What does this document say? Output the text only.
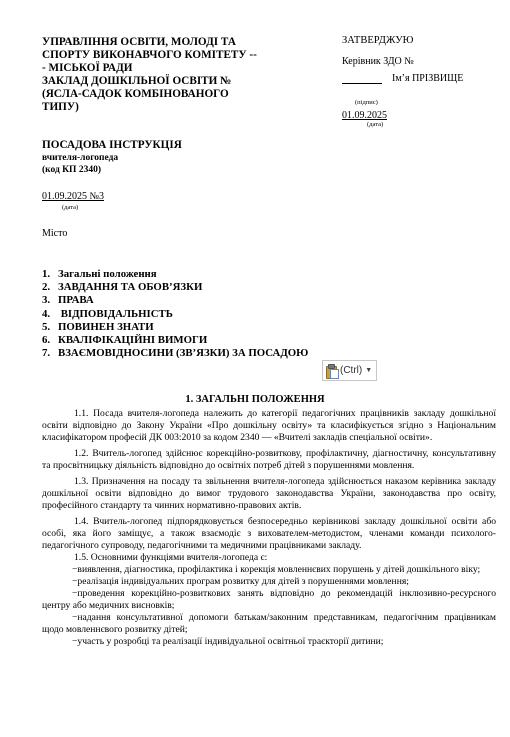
УПРАВЛІННЯ ОСВІТИ, МОЛОДІ ТА
СПОРТУ ВИКОНАВЧОГО КОМІТЕТУ --
- МІСЬКОЇ РАДИ
ЗАКЛАД ДОШКІЛЬНОЇ ОСВІТИ №
(ЯСЛА-САДОК КОМБІНОВАНОГО
ТИПУ)
ЗАТВЕРДЖУЮ
Керівник ЗДО №
Ім’я ПРІЗВИЩЕ
(підпис)
01.09.2025
(дата)
ПОСАДОВА ІНСТРУКЦІЯ
вчителя-логопеда
(код КП 2340)
01.09.2025 №3
(дата)
Місто
1. Загальні положення
2. ЗАВДАННЯ ТА ОБОВ’ЯЗКИ
3. ПРАВА
4. ВІДПОВІДАЛЬНІСТЬ
5. ПОВИНЕН ЗНАТИ
6. КВАЛІФІКАЦІЙНІ ВИМОГИ
7. ВЗАЄМОВІДНОСИНИ (ЗВ’ЯЗКИ) ЗА ПОСАДОЮ
(Ctrl) ▼
1. ЗАГАЛЬНІ ПОЛОЖЕННЯ

1.1. Посада вчителя-логопеда належить до категорії педагогічних працівників закладу дошкільної освіти відповідно до Закону України «Про дошкільну освіту» та класифікується згідно з Національним класифікатором професій ДК 003:2010 за кодом 2340 — «Вчителі закладів спеціальної освіти».

1.2. Вчитель-логопед здійснює корекційно-розвиткову, профілактичну, діагностичну, консультативну та просвітницьку діяльність відповідно до освітніх потреб дітей з порушеннями мовлення.

1.3. Призначення на посаду та звільнення вчителя-логопеда здійснюється наказом керівника закладу дошкільної освіти відповідно до вимог трудового законодавства України, законодавства про освіту, професійного стандарту та чинних нормативно-правових актів.

1.4. Вчитель-логопед підпорядковується безпосередньо керівникові закладу дошкільної освіти або особі, яка його заміщує, а також взаємодіє з вихователем-методистом, членами команди психолого-педагогічного супроводу, педагогічними та медичними працівниками закладу.

1.5. Основними функціями вчителя-логопеда є:

−виявлення, діагностика, профілактика і корекція мовленнєвих порушень у дітей дошкільного віку;

−реалізація індивідуальних програм розвитку для дітей з порушеннями мовлення;

−проведення корекційно-розвиткових занять відповідно до рекомендацій інклюзивно-ресурсного центру або медичних висновків;

−надання консультативної допомоги батькам/законним представникам, педагогічним працівникам щодо мовленнєвого розвитку дітей;

−участь у розробці та реалізації індивідуальної освітньої траєкторії дитини;
